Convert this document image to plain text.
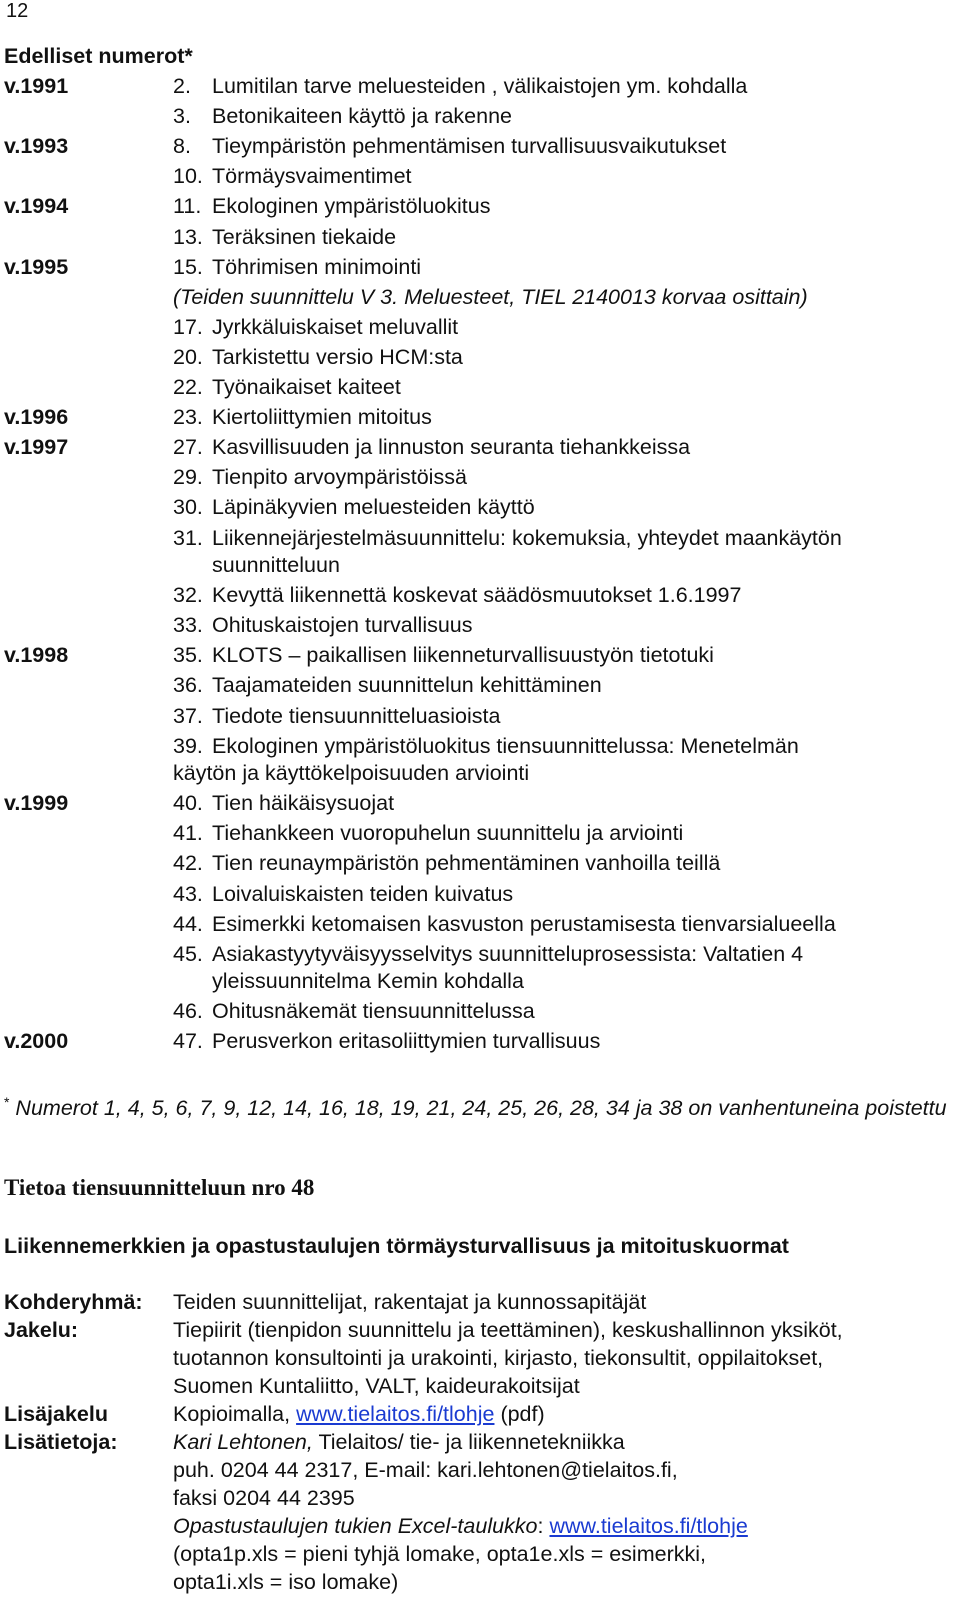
12
Edelliset numerot*
v.1991	2. Lumitilan tarve meluesteiden , välikaistojen ym. kohdalla
3. Betonikaiteen käyttö ja rakenne
v.1993	8. Tieympäristön pehmentämisen turvallisuusvaikutukset
10. Törmäysvaimentimet
v.1994	11. Ekologinen ympäristöluokitus
13. Teräksinen tiekaide
v.1995	15. Töhrimisen minimointi
(Teiden suunnittelu V 3. Meluesteet, TIEL 2140013 korvaa osittain)
17. Jyrkkäluiskaiset meluvallit
20. Tarkistettu versio HCM:sta
22. Työnaikaiset kaiteet
v.1996	23. Kiertoliittymien mitoitus
v.1997	27. Kasvillisuuden ja linnuston seuranta tiehankkeissa
29. Tienpito arvoympäristöissä
30. Läpinäkyvien meluesteiden käyttö
31. Liikennejärjestelmäsuunnittelu: kokemuksia, yhteydet maankäytön
suunnitteluun
32. Kevyttä liikennettä koskevat säädösmuutokset 1.6.1997
33. Ohituskaistojen turvallisuus
v.1998	35. KLOTS – paikallisen liikenneturvallisuustyön tietotuki
36. Taajamateiden suunnittelun kehittäminen
37. Tiedote tiensuunnitteluasioista
39. Ekologinen ympäristöluokitus tiensuunnittelussa: Menetelmän
käytön ja käyttökelpoisuuden arviointi
v.1999	40. Tien häikäisysuojat
41. Tiehankkeen vuoropuhelun suunnittelu ja arviointi
42. Tien reunaympäristön pehmentäminen vanhoilla teillä
43. Loivaluiskaisten teiden kuivatus
44. Esimerkki ketomaisen kasvuston perustamisesta tienvarsialueella
45. Asiakastyytyväisyysselvitys suunnitteluprosessista: Valtatien 4
yleissuunnitelma Kemin kohdalla
46. Ohitusnäkemät tiensuunnittelussa
v.2000	47. Perusverkon eritasoliittymien turvallisuus
* Numerot 1, 4, 5, 6, 7, 9, 12, 14, 16, 18, 19, 21, 24, 25, 26, 28, 34 ja 38 on vanhentuneina poistettu
Tietoa tiensuunnitteluun nro 48
Liikennemerkkien ja opastustaulujen törmäysturvallisuus ja mitoituskuormat
Kohderyhmä: Teiden suunnittelijat, rakentajat ja kunnossapitäjät
Jakelu:	Tiepiirit (tienpidon suunnittelu ja teettäminen), keskushallinnon yksiköt,
tuotannon konsultointi ja urakointi, kirjasto, tiekonsultit, oppilaitokset,
Suomen Kuntaliitto, VALT, kaideurakoitsijat
Lisäjakelu	Kopioimalla, www.tielaitos.fi/tlohje (pdf)
Lisätietoja:	Kari Lehtonen, Tielaitos/ tie- ja liikennetekniikka
puh. 0204 44 2317, E-mail: kari.lehtonen@tielaitos.fi,
faksi 0204 44 2395
Opastustaulujen tukien Excel-taulukko: www.tielaitos.fi/tlohje
(opta1p.xls = pieni tyhjä lomake, opta1e.xls = esimerkki,
opta1i.xls = iso lomake)
